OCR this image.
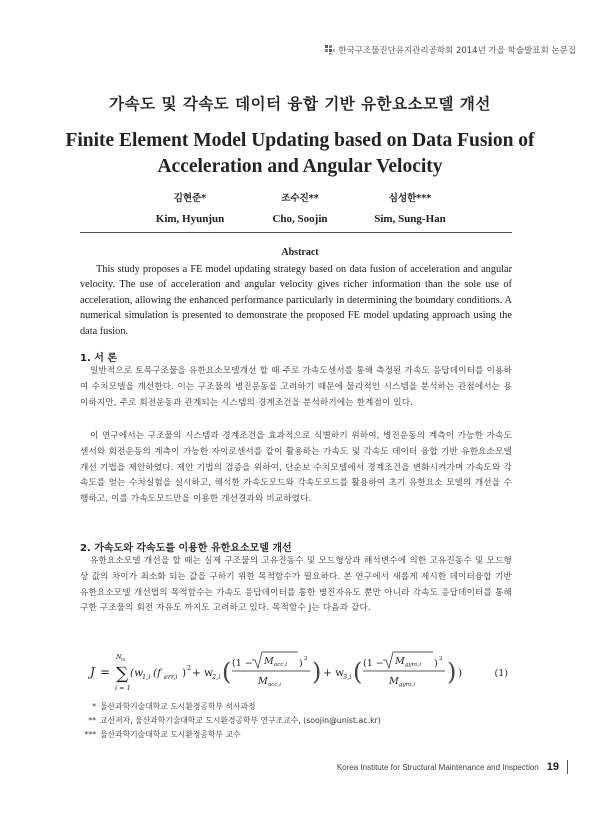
한국구조물진단유지관리공학회 2014년 가을 학술발표회 논문집
가속도 및 각속도 데이터 융합 기반 유한요소모델 개선
Finite Element Model Updating based on Data Fusion of
Acceleration and Angular Velocity
김현준*
Kim, Hyunjun
조수진**
Cho, Soojin
심성한***
Sim, Sung-Han
Abstract
This study proposes a FE model updating strategy based on data fusion of acceleration and angular velocity. The use of acceleration and angular velocity gives richer information than the sole use of acceleration, allowing the enhanced performance particularly in determining the boundary conditions. A numerical simulation is presented to demonstrate the proposed FE model updating approach using the data fusion.
1. 서 론
일반적으로 토목구조물을 유한요소모델개선 할 때 주로 가속도센서를 통해 측정된 가속도 응답데이터를 이용하여 수치모델을 개선한다. 이는 구조물의 병진운동을 고려하기 때문에 물리적인 시스템을 분석하는 관점에서는 용이하지만, 주로 회전운동과 관계되는 시스템의 경계조건을 분석하기에는 한계점이 있다.
이 연구에서는 구조물의 시스템과 경계조건을 효과적으로 식별하기 위하여, 병진운동의 계측이 가능한 가속도센서와 회전운동의 계측이 가능한 자이로센서를 같이 활용하는 가속도 및 각속도 데이터 융합 기반 유한요소모델개선 기법을 제안하였다. 제안 기법의 검증을 위하여, 단순보 수치모델에서 경계조건을 변화시켜가며 가속도와 각속도를 얻는 수치실험을 실시하고, 해석한 가속도모드와 각속도모드를 활용하여 초기 유한요소 모델의 개선을 수행하고, 이를 가속도모드만을 이용한 개선결과와 비교하였다.
2. 가속도와 각속도를 이용한 유한요소모델 개선
유한요소모델 개선을 할 때는 실제 구조물의 고유진동수 및 모드형상과 해석변수에 의한 고유진동수 및 모드형상 값의 차이가 최소화 되는 값을 구하기 위한 목적함수가 필요하다. 본 연구에서 새롭게 제시한 데이터융합 기반 유한요소모델 개선법의 목적함수는 가속도 응답데이터를 통한 병진자유도 뿐만 아니라 각속도 응답데이터를 통해 구한 구조물의 회전 자유도 까지도 고려하고 있다. 목적함수 J는 다음과 같다.
J = ∑
N m
i = 1
(w
1,i (f err,i ) 2 + w
2,i ( (1 − M acc,i ) 2
M acc,i ) + w
3,i ( (1 − M gyro,i ) 2
M gyro,i ) )	(1)
* 울산과학기술대학교 도시환경공학부 석사과정
** 교신저자, 울산과학기술대학교 도시환경공학부 연구조교수, (soojin@unist.ac.kr)
*** 울산과학기술대학교 도시환경공학부 교수
Korea Institute for Structural Maintenance and Inspection 19
